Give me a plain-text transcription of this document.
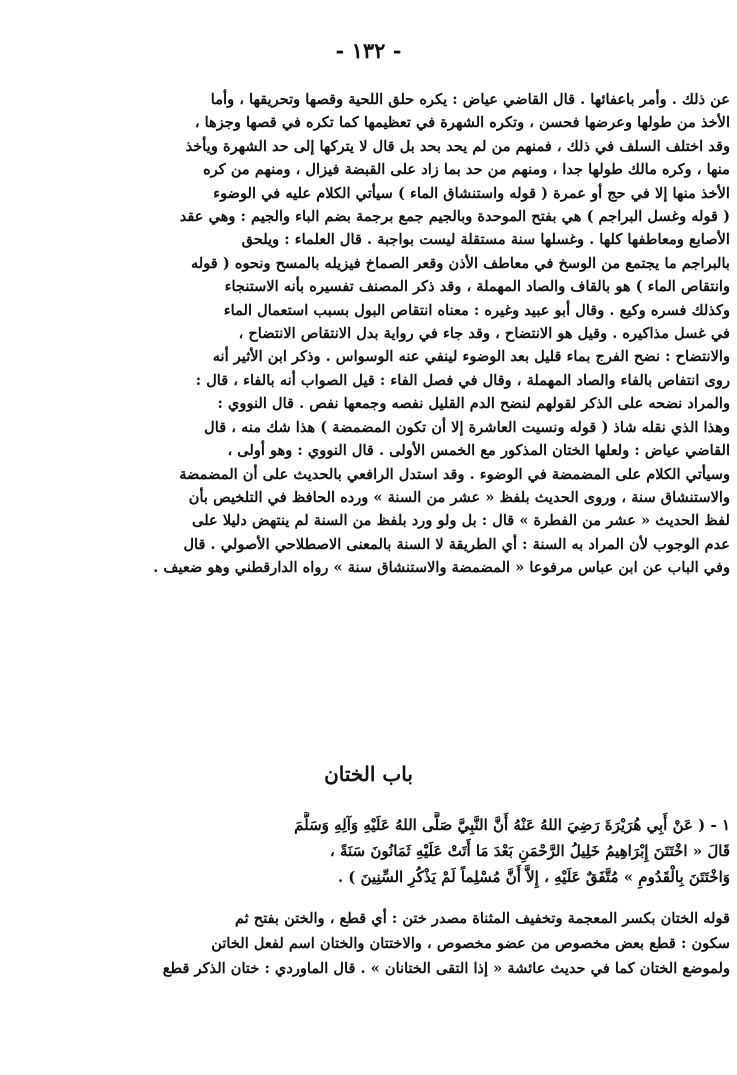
- ١٣٢ -
عن ذلك . وأمر باعفائها . قال القاضي عياض : يكره حلق اللحية وقصها وتحريقها ، وأما
الأخذ من طولها وعرضها فحسن ، وتكره الشهرة في تعظيمها كما تكره في قصها وجزها ،
وقد اختلف السلف في ذلك ، فمنهم من لم يحد بحد بل قال لا يتركها إلى حد الشهرة ويأخذ
منها ، وكره مالك طولها جدا ، ومنهم من حد بما زاد على القبضة فيزال ، ومنهم من كره
الأخذ منها إلا في حج أو عمرة ( قوله واستنشاق الماء ) سيأتي الكلام عليه في الوضوء
( قوله وغسل البراجم ) هي بفتح الموحدة وبالجيم جمع برجمة بضم الباء والجيم : وهي عقد
الأصابع ومعاطفها كلها . وغسلها سنة مستقلة ليست بواجبة . قال العلماء : ويلحق
بالبراجم ما يجتمع من الوسخ في معاطف الأذن وقعر الصماخ فيزيله بالمسح ونحوه ( قوله
وانتقاص الماء ) هو بالقاف والصاد المهملة ، وقد ذكر المصنف تفسيره بأنه الاستنجاء
وكذلك فسره وكيع . وقال أبو عبيد وغيره : معناه انتقاص البول بسبب استعمال الماء
في غسل مذاكيره . وقيل هو الانتضاح ، وقد جاء في رواية بدل الانتقاص الانتضاح ،
والانتضاح : نضح الفرج بماء قليل بعد الوضوء لينفي عنه الوسواس . وذكر ابن الأثير أنه
روى انتفاص بالفاء والصاد المهملة ، وقال في فصل الفاء : قيل الصواب أنه بالفاء ، قال :
والمراد نضحه على الذكر لقولهم لنضح الدم القليل نفصه وجمعها نفص . قال النووي :
وهذا الذي نقله شاذ ( قوله ونسيت العاشرة إلا أن تكون المضمضة ) هذا شك منه ، قال
القاضي عياض : ولعلها الختان المذكور مع الخمس الأولى . قال النووي : وهو أولى ،
وسيأتي الكلام على المضمضة في الوضوء . وقد استدل الرافعي بالحديث على أن المضمضة
والاستنشاق سنة ، وروى الحديث بلفظ « عشر من السنة » ورده الحافظ في التلخيص بأن
لفظ الحديث « عشر من الفطرة » قال : بل ولو ورد بلفظ من السنة لم ينتهض دليلا على
عدم الوجوب لأن المراد به السنة : أي الطريقة لا السنة بالمعنى الاصطلاحي الأصولي . قال
وفي الباب عن ابن عباس مرفوعا « المضمضة والاستنشاق سنة » رواه الدارقطني وهو ضعيف .
باب الختان
١ - ( عَنْ أَبِي هُرَيْرَةَ رَضِيَ اللهُ عَنْهُ أَنَّ النَّبِيَّ صَلَّى اللهُ عَلَيْهِ وَآلِهِ وَسَلَّمَ
قَالَ « اخْتَتَنَ إِبْرَاهِيمُ خَلِيلُ الرَّحْمَنِ بَعْدَ مَا أَتَتْ عَلَيْهِ ثَمَانُونَ سَنَةً ،
وَاخْتَتَنَ بِالْقَدُومِ » مُتَّفَقٌ عَلَيْهِ ، إِلاَّ أَنَّ مُسْلِماً لَمْ يَذْكُرِ السِّنِينَ ) .
قوله الختان بكسر المعجمة وتخفيف المثناة مصدر ختن : أي قطع ، والختن بفتح ثم
سكون : قطع بعض مخصوص من عضو مخصوص ، والاختتان والختان اسم لفعل الخاتن
ولموضع الختان كما في حديث عائشة « إذا التقى الختانان » . قال الماوردي : ختان الذكر قطع
